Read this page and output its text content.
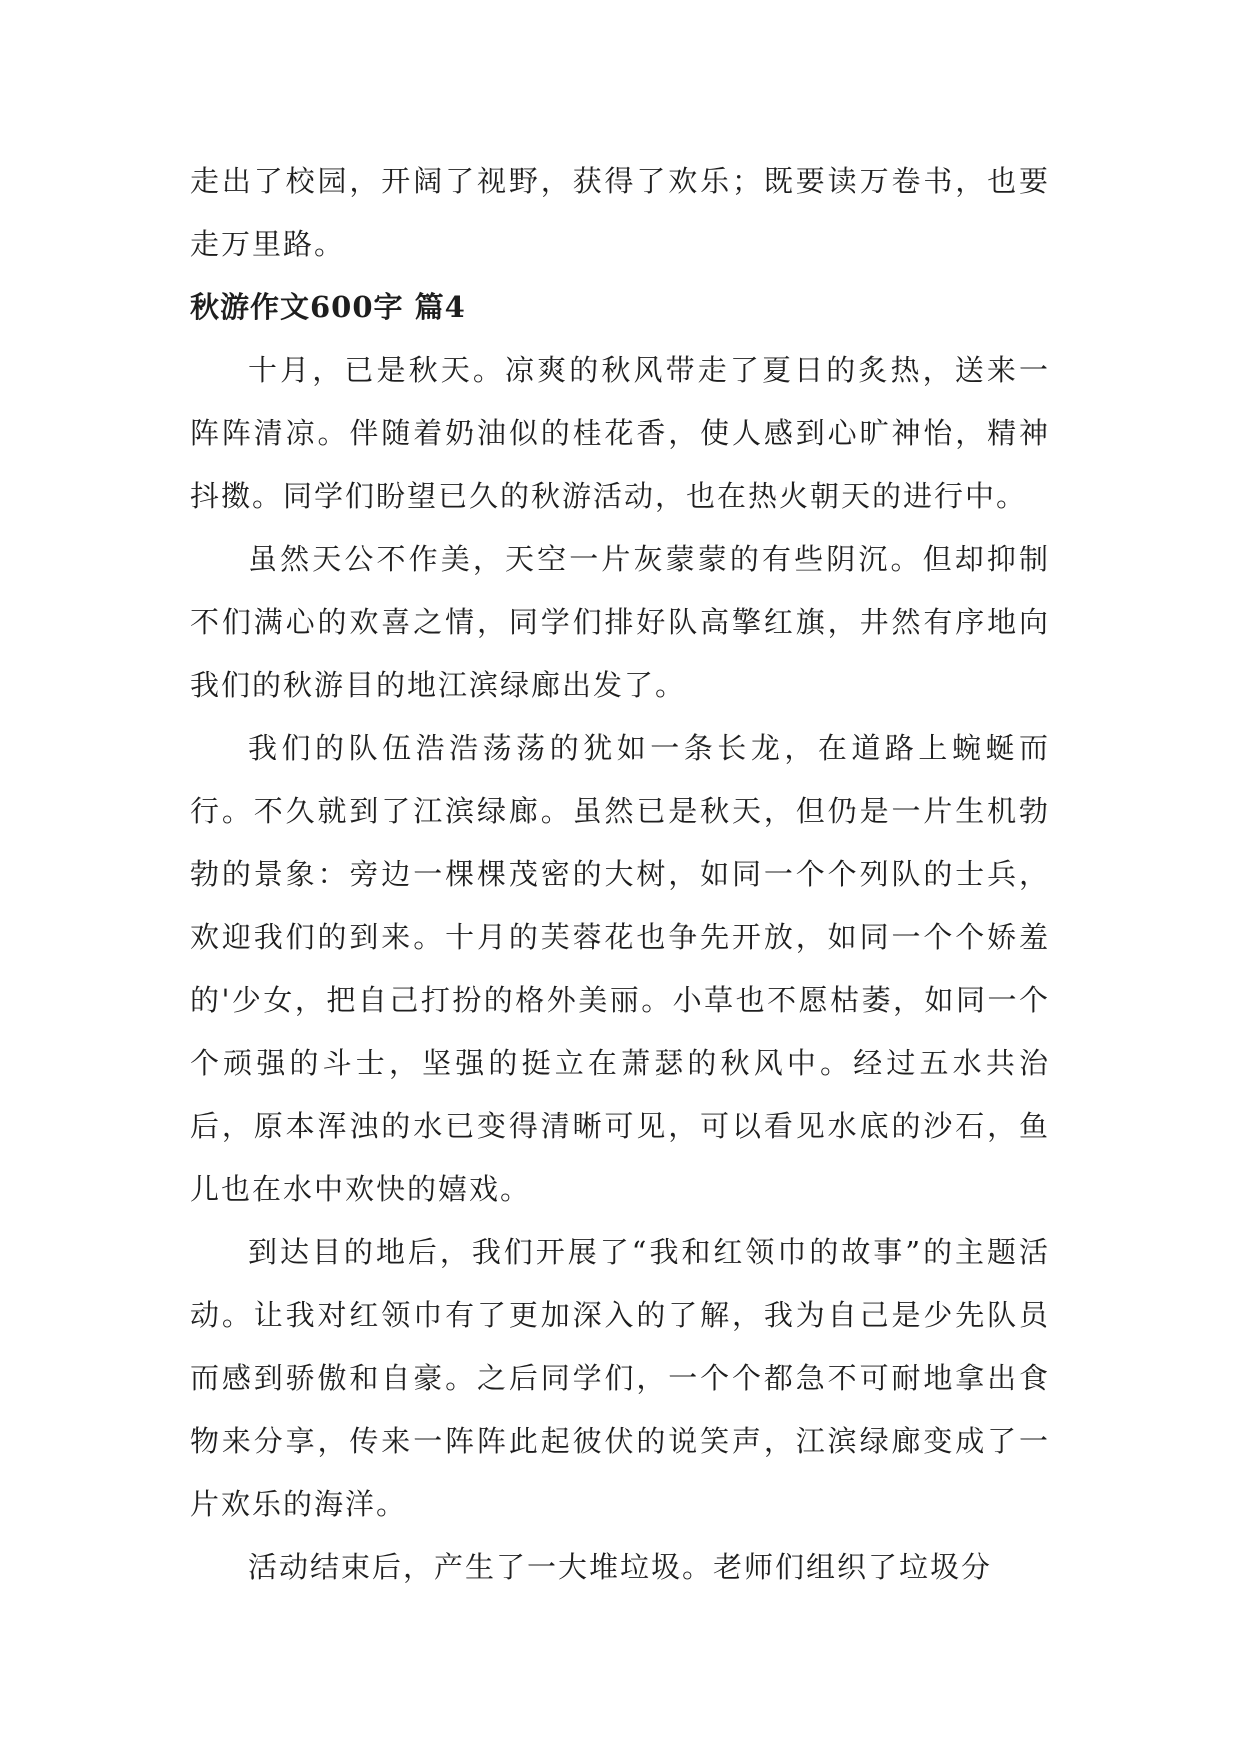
走出了校园，开阔了视野，获得了欢乐；既要读万卷书，也要走万里路。

秋游作文600字 篇4

十月，已是秋天。凉爽的秋风带走了夏日的炙热，送来一阵阵清凉。伴随着奶油似的桂花香，使人感到心旷神怡，精神抖擞。同学们盼望已久的秋游活动，也在热火朝天的进行中。

虽然天公不作美，天空一片灰蒙蒙的有些阴沉。但却抑制不们满心的欢喜之情，同学们排好队高擎红旗，井然有序地向我们的秋游目的地江滨绿廊出发了。

我们的队伍浩浩荡荡的犹如一条长龙，在道路上蜿蜒而行。不久就到了江滨绿廊。虽然已是秋天，但仍是一片生机勃勃的景象：旁边一棵棵茂密的大树，如同一个个列队的士兵，欢迎我们的到来。十月的芙蓉花也争先开放，如同一个个娇羞的'少女，把自己打扮的格外美丽。小草也不愿枯萎，如同一个个顽强的斗士，坚强的挺立在萧瑟的秋风中。经过五水共治后，原本浑浊的水已变得清晰可见，可以看见水底的沙石，鱼儿也在水中欢快的嬉戏。

到达目的地后，我们开展了“我和红领巾的故事”的主题活动。让我对红领巾有了更加深入的了解，我为自己是少先队员而感到骄傲和自豪。之后同学们，一个个都急不可耐地拿出食物来分享，传来一阵阵此起彼伏的说笑声，江滨绿廊变成了一片欢乐的海洋。

活动结束后，产生了一大堆垃圾。老师们组织了垃圾分
